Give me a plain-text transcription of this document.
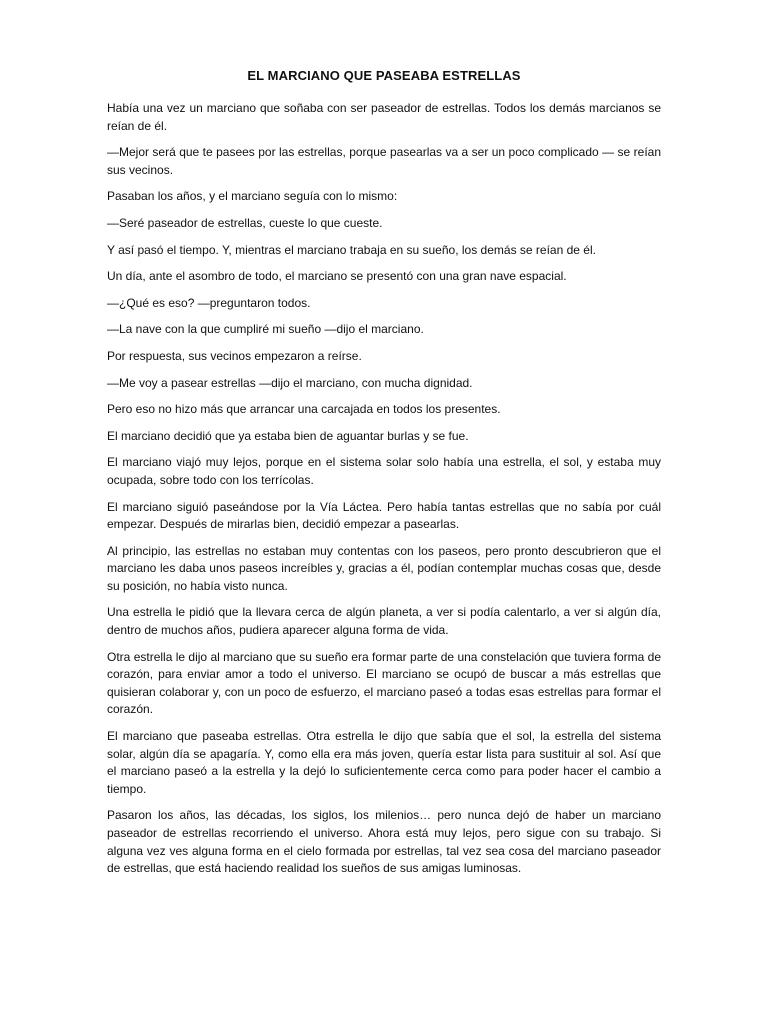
EL MARCIANO QUE PASEABA ESTRELLAS

Había una vez un marciano que soñaba con ser paseador de estrellas. Todos los demás marcianos se reían de él.

—Mejor será que te pasees por las estrellas, porque pasearlas va a ser un poco complicado — se reían sus vecinos.

Pasaban los años, y el marciano seguía con lo mismo:

—Seré paseador de estrellas, cueste lo que cueste.

Y así pasó el tiempo. Y, mientras el marciano trabaja en su sueño, los demás se reían de él.

Un día, ante el asombro de todo, el marciano se presentó con una gran nave espacial.

—¿Qué es eso? —preguntaron todos.

—La nave con la que cumpliré mi sueño —dijo el marciano.

Por respuesta, sus vecinos empezaron a reírse.

—Me voy a pasear estrellas —dijo el marciano, con mucha dignidad.

Pero eso no hizo más que arrancar una carcajada en todos los presentes.

El marciano decidió que ya estaba bien de aguantar burlas y se fue.

El marciano viajó muy lejos, porque en el sistema solar solo había una estrella, el sol, y estaba muy ocupada, sobre todo con los terrícolas.

El marciano siguió paseándose por la Vía Láctea. Pero había tantas estrellas que no sabía por cuál empezar. Después de mirarlas bien, decidió empezar a pasearlas.

Al principio, las estrellas no estaban muy contentas con los paseos, pero pronto descubrieron que el marciano les daba unos paseos increíbles y, gracias a él, podían contemplar muchas cosas que, desde su posición, no había visto nunca.

Una estrella le pidió que la llevara cerca de algún planeta, a ver si podía calentarlo, a ver si algún día, dentro de muchos años, pudiera aparecer alguna forma de vida.

Otra estrella le dijo al marciano que su sueño era formar parte de una constelación que tuviera forma de corazón, para enviar amor a todo el universo. El marciano se ocupó de buscar a más estrellas que quisieran colaborar y, con un poco de esfuerzo, el marciano paseó a todas esas estrellas para formar el corazón.

El marciano que paseaba estrellas. Otra estrella le dijo que sabía que el sol, la estrella del sistema solar, algún día se apagaría. Y, como ella era más joven, quería estar lista para sustituir al sol. Así que el marciano paseó a la estrella y la dejó lo suficientemente cerca como para poder hacer el cambio a tiempo.

Pasaron los años, las décadas, los siglos, los milenios… pero nunca dejó de haber un marciano paseador de estrellas recorriendo el universo. Ahora está muy lejos, pero sigue con su trabajo. Si alguna vez ves alguna forma en el cielo formada por estrellas, tal vez sea cosa del marciano paseador de estrellas, que está haciendo realidad los sueños de sus amigas luminosas.
